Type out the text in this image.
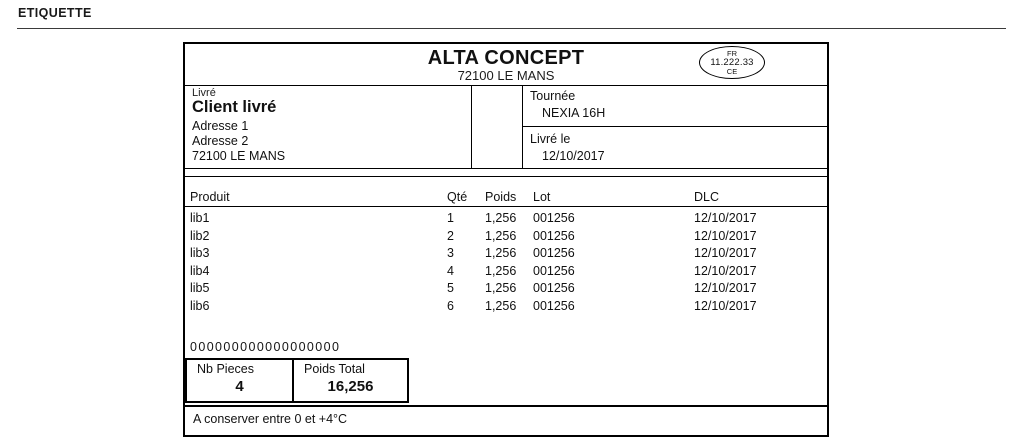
ETIQUETTE
ALTA CONCEPT
72100 LE MANS
FR
11.222.33
CE
Livré
Client livré
Adresse 1
Adresse 2
72100 LE MANS
Tournée
NEXIA 16H
Livré le
12/10/2017
Produit	Qté	Poids	Lot	DLC
lib1	1	1,256	001256	12/10/2017
lib2	2	1,256	001256	12/10/2017
lib3	3	1,256	001256	12/10/2017
lib4	4	1,256	001256	12/10/2017
lib5	5	1,256	001256	12/10/2017
lib6	6	1,256	001256	12/10/2017
000000000000000000
Nb Pieces
4
Poids Total
16,256
A conserver entre 0 et +4°C
